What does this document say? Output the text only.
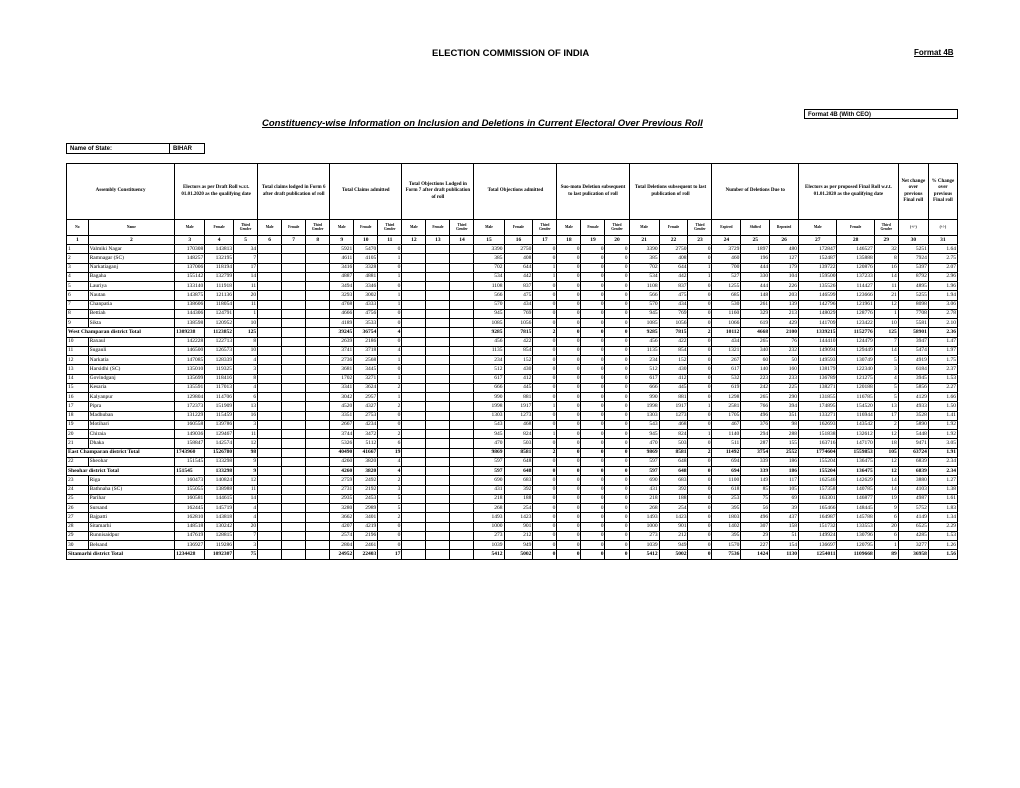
ELECTION COMMISSION OF INDIA	Format 4B
Format 4B (With CEO)
Constituency-wise Information on Inclusion and Deletions in Current Electoral Over Previous Roll
Name of State:	BIHAR
Assembly Constituency		Electors as per Draft Roll w.r.t. 01.01.2020 as the qualifying date			Total claims lodged in Form 6 after draft publication of roll			Total Claims admitted			Total Objections Lodged in Form 7 after draft publication of roll			Total Objections admitted			Suo-moto Deletion subsequent to last pulication of roll			Total Deletions subsequent to last publication of roll			Number of Deletions Due to			Electors as per proposed Final Roll w.r.t. 01.01.2020 as the qualifying date			Net change over previous Final roll	% Change over previous Final roll
No	Name	Male	Female	Third Gender	Male	Female	Third Gender	Male	Female	Third Gender	Male	Female	Third Gender	Male	Female	Third Gender	Male	Female	Third Gender	Male	Female	Third Gender	Expired	Shifted	Repeated	Male	Female	Third Gender	(+/-)	(+/-)
1	2	3	4	5	6	7	8	9	10	11	12	13	14	15	16	17	18	19	20	21	22	23	24	25	26	27	28	29	30	31
1	Valmiki Nagar	170308	143813	34				5921	5470	0				3390	2750	0	0	0	0	3390	2750	0	3729	1897	480	172847	146527	32	5251	1.64
2	Ramnagar (SC)	148257	132195	7				4611	4105	1				385	408	0	0	0	0	385	408	0	460	196	127	152487	135888	8	7924	2.75
3	Narkatiaganj	137006	118194	17				3416	3328	0				702	644	1	0	0	0	702	644	1	700	444	179	139722	120876	16	5397	2.07
4	Bagaha	155142	132799	14				4887	4881	1				534	442	1	0	0	0	534	442	1	527	330	104	159500	137233	14	8792	2.96
5	Lauriya	133140	111918	11				3494	3346	0				1108	837	0	0	0	0	1108	837	0	1255	444	226	135526	114427	11	4895	1.96
6	Nautan	143875	121136	20				3293	3002	1				566	475	0	0	0	0	566	475	0	685	148	203	146599	123666	21	5255	1.94
7	Chanpatia	138606	118054	11				4768	4333	1				570	434	0	0	0	0	570	434	0	530	261	139	142796	121961	12	8098	3.06
8	Bettiah	144306	124791	1				4666	4756	0				945	769	0	0	0	0	945	769	0	1160	329	213	148029	128776	1	7708	2.78
9	Sikta	138598	120952	10				4189	3533	0				1085	1056	0	0	0	0	1085	1056	0	1066	619	429	141709	123422	10	5581	2.10
West Champaran district Total		1309238	1123852	125				39245	36754	4				9285	7815	2	0	0	0	9285	7815	2	10112	4668	2100	1339215	1152776	125	58901	2.36
10	Raxaul	142228	122713	8				2639	2186	0				456	422	0	0	0	0	456	422	0	434	265	76	144410	124479	7	3947	1.47
11	Sugauli	146500	126573	10				3741	3718	4				1135	854	0	0	0	0	1135	854	0	1321	340	232	149094	129449	14	5474	1.97
12	Narkatia	147085	128339	4				2736	2568	1				234	152	0	0	0	0	234	152	0	267	60	50	149593	130749	5	4919	1.75
13	Harsidhi (SC)	135010	119325	3				3681	3445	0				512	430	0	0	0	0	512	430	0	617	140	160	138179	122340	3	6184	2.37
14	Govindganj	135699	118416	8				1702	3271	1				617	412	0	0	0	0	617	412	0	532	223	233	136789	121275	4	3945	1.53
15	Kesaria	135591	117013	4				3341	3624	2				666	445	0	0	0	0	666	445	0	619	242	225	138271	120188	5	5856	2.27
16	Kalyanpur	129804	114706	6				3042	2957	1				990	881	0	0	0	0	990	881	0	1298	265	290	131855	116785	5	4129	1.66
17	Pipra	172373	151909	13				4520	4327	2				1998	1917	1	0	0	0	1998	1917	1	2581	766	394	174895	154520	13	4933	1.50
18	Madhuban	131229	115459	16				3351	2753	0				1303	1273	0	0	0	0	1303	1273	0	1705	496	351	133271	116944	17	3528	1.41
19	Motihari	160558	139786	3				2667	4234	0				543	468	0	0	0	0	543	468	0	467	376	98	162693	143542	2	5890	1.92
20	Chiraia	149036	129467	11				3744	3472	2				945	824	1	0	0	0	945	824	1	1140	294	288	151838	132612	12	5448	1.92
21	Dhaka	158847	142574	12				5326	5112	6				470	503	0	0	0	0	470	503	0	511	287	155	163716	147170	18	9471	3.05
East Champaran district Total		1743960	1526780	98				40490	41667	19				9869	8581	2	0	0	0	9869	8581	2	11492	3754	2552	1774604	1559853	105	63724	1.91
22	Sheohar	151545	133298	9				4260	3820	4				597	648	0	0	0	0	597	648	0	694	339	186	155204	136475	12	6839	2.34
Sheohar district Total		151545	133298	9				4260	3820	4				597	648	0	0	0	0	597	648	0	694	339	186	155204	136475	12	6839	2.34
23	Riga	160473	140824	12				2759	2492	2				690	683	0	0	0	0	690	683	0	1100	149	117	162546	142629	14	3880	1.27
24	Bathnaha (SC)	155055	138988	11				2731	2192	3				431	392	0	0	0	0	431	392	0	618	85	105	157358	140785	14	4103	1.38
25	Parihar	160581	144615	14				2935	2453	5				218	188	0	0	0	0	218	188	0	253	75	69	163301	146877	19	4987	1.61
26	Sursand	162445	145719	4				3280	2989	5				268	254	0	0	0	0	268	254	0	395	56	39	165466	148445	9	5752	1.83
27	Bajpatti	162810	143818	4				3662	3401	2				1493	1423	0	0	0	0	1493	1423	0	1803	496	437	164987	145788	6	4149	1.34
28	Sitamarhi	148518	130242	20				4207	4219	0				1000	901	0	0	0	0	1000	901	0	1402	307	158	151732	133553	20	6525	2.29
29	Runnisaidpur	147619	128815	7				2574	2196	0				273	212	0	0	0	0	273	212	0	395	29	51	149924	130796	6	4285	1.53
30	Belsand	136927	119286	3				2804	2461	0				1039	949	0	0	0	0	1039	949	0	1570	227	154	136697	120795	1	3277	1.26
Sitamarhi district Total		1234428	1092307	75				24952	22403	17				5412	5002	0	0	0	0	5412	5002	0	7536	1424	1130	1254011	1109668	89	36958	1.56
